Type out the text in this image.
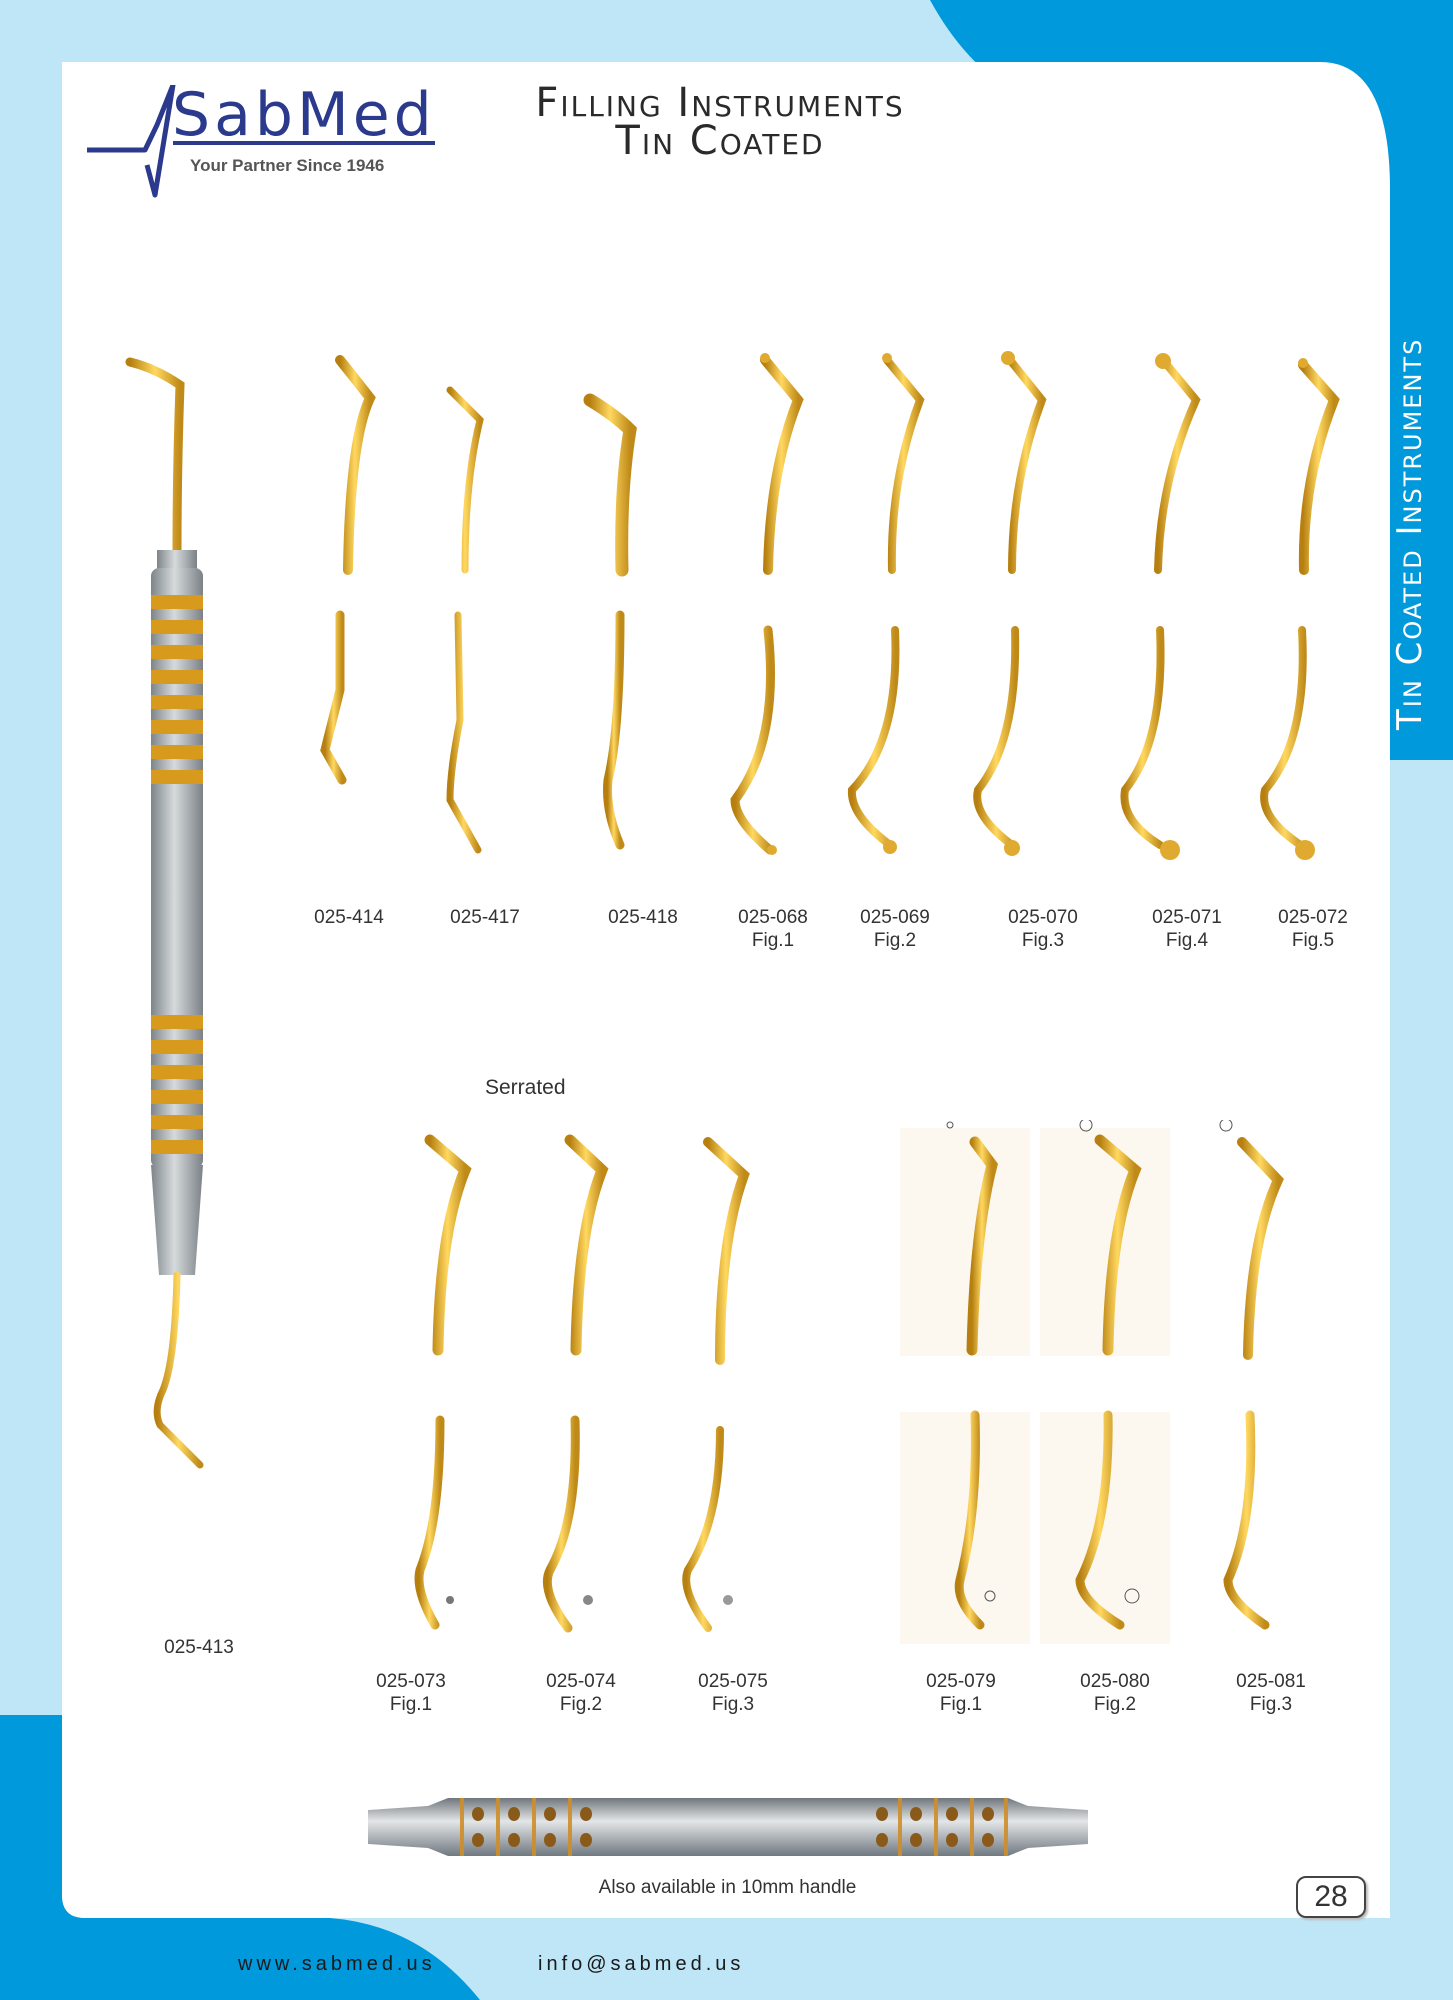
SabMed
Your Partner Since 1946
Filling Instruments
Tin Coated
Tin Coated Instruments
025-413
025-414	025-417	025-418	025-068
Fig.1
025-069
Fig.2
025-070
Fig.3
025-071
Fig.4
025-072
Fig.5
Serrated
025-073
Fig.1
025-074
Fig.2
025-075
Fig.3
025-079
Fig.1
025-080
Fig.2
025-081
Fig.3
Also available in 10mm handle	28
www.sabmed.us	info@sabmed.us
